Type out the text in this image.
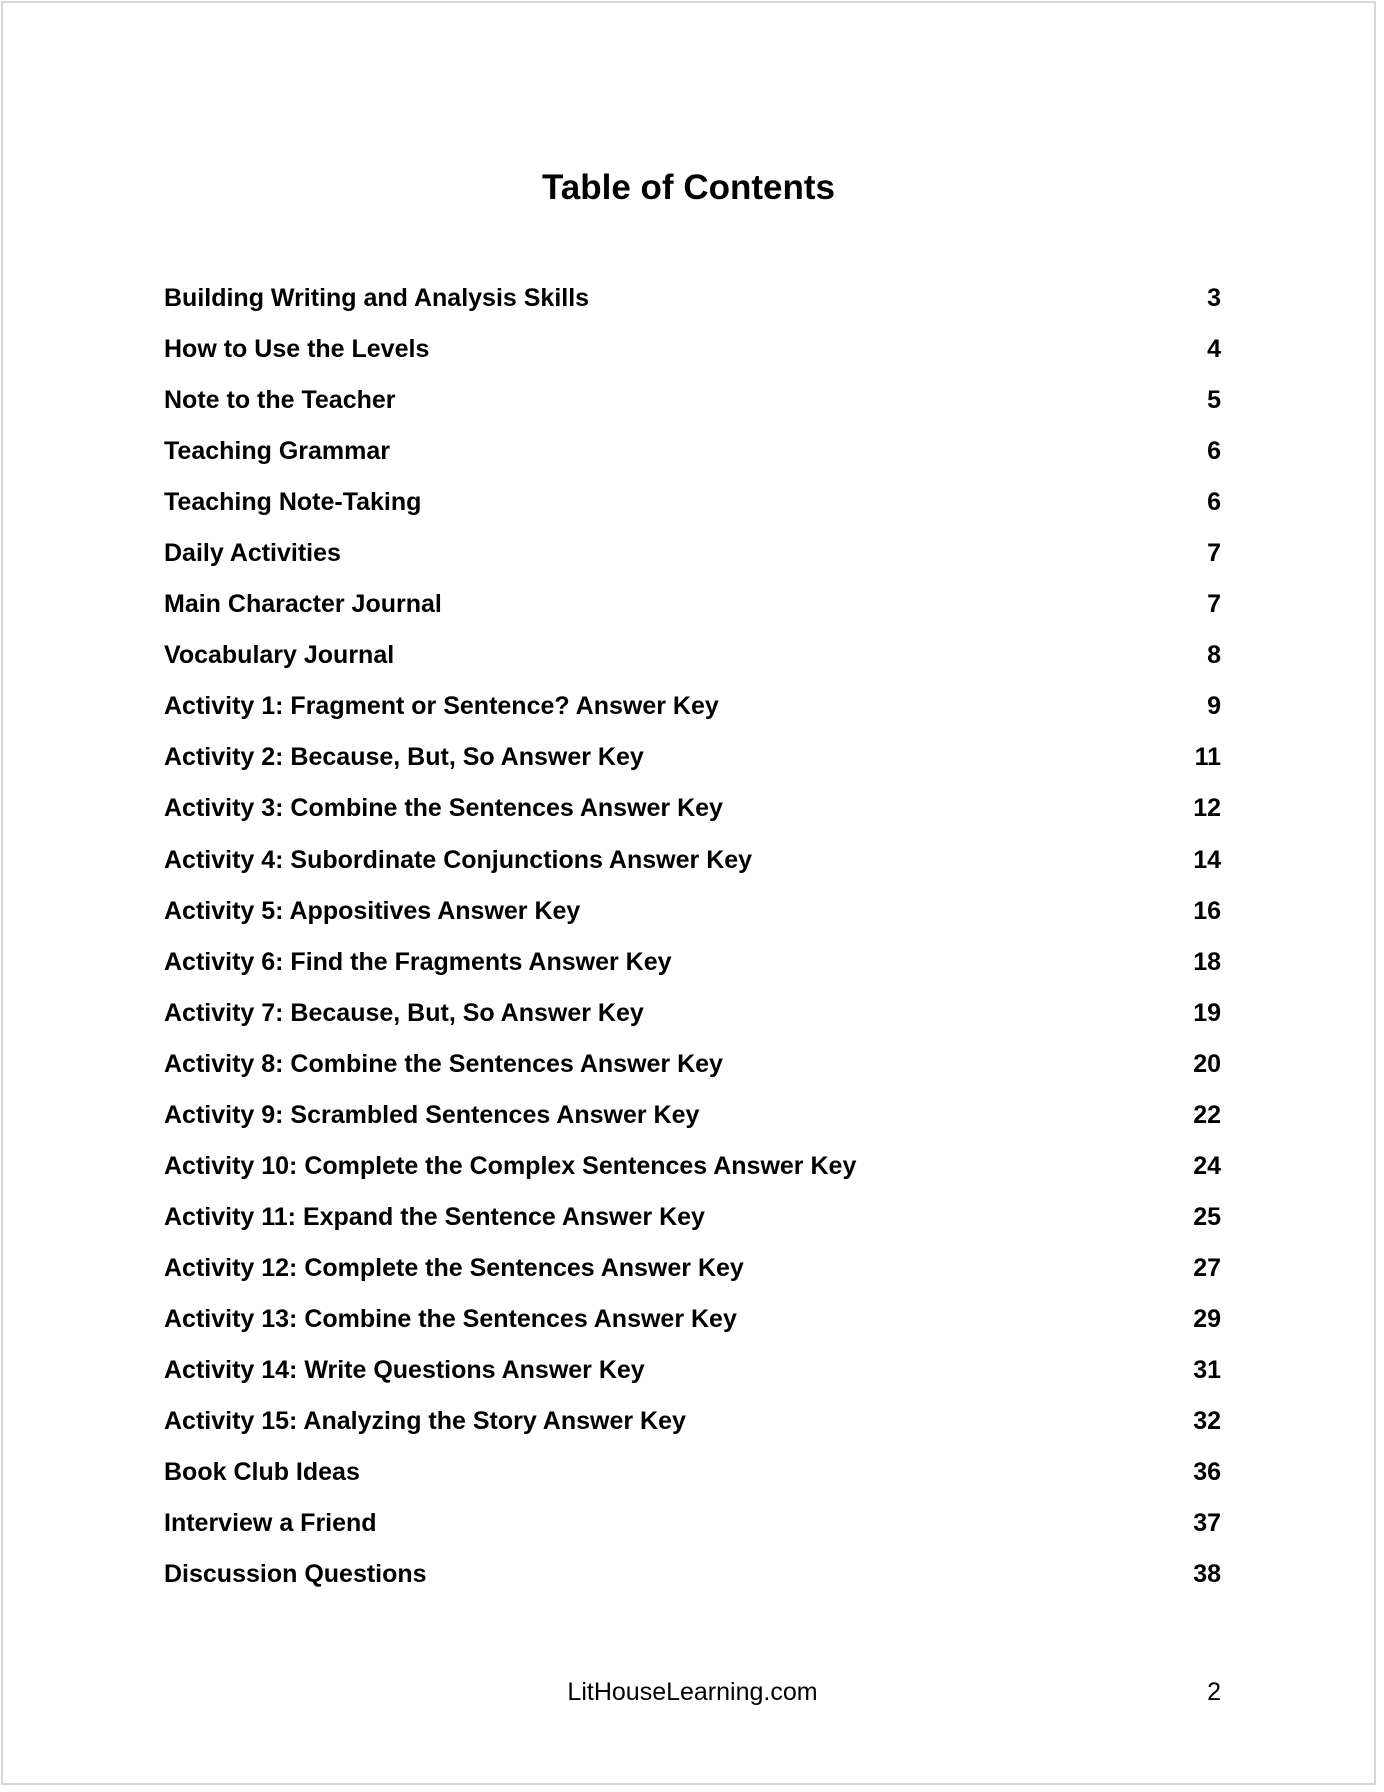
Table of Contents
Building Writing and Analysis Skills	3
How to Use the Levels	4
Note to the Teacher	5
Teaching Grammar	6
Teaching Note-Taking	6
Daily Activities	7
Main Character Journal	7
Vocabulary Journal	8
Activity 1: Fragment or Sentence? Answer Key	9
Activity 2: Because, But, So Answer Key	11
Activity 3: Combine the Sentences Answer Key	12
Activity 4: Subordinate Conjunctions Answer Key	14
Activity 5: Appositives Answer Key	16
Activity 6: Find the Fragments Answer Key	18
Activity 7: Because, But, So Answer Key	19
Activity 8: Combine the Sentences Answer Key	20
Activity 9: Scrambled Sentences Answer Key	22
Activity 10: Complete the Complex Sentences Answer Key	24
Activity 11: Expand the Sentence Answer Key	25
Activity 12: Complete the Sentences Answer Key	27
Activity 13: Combine the Sentences Answer Key	29
Activity 14: Write Questions Answer Key	31
Activity 15: Analyzing the Story Answer Key	32
Book Club Ideas	36
Interview a Friend	37
Discussion Questions	38
LitHouseLearning.com	2
